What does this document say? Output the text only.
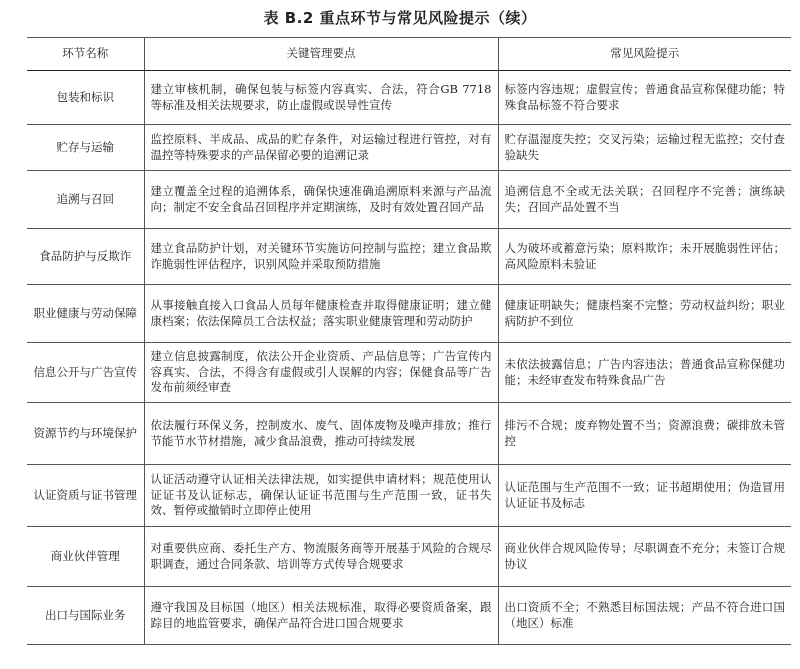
表 B.2 重点环节与常见风险提示（续）
环节名称	关键管理要点	常见风险提示
包装和标识	建立审核机制，确保包装与标签内容真实、合法，符合GB 7718 等标准及相关法规要求，防止虚假或误导性宣传	标签内容违规；虚假宣传；普通食品宣称保健功能；特殊食品标签不符合要求
贮存与运输	监控原料、半成品、成品的贮存条件，对运输过程进行管控，对有温控等特殊要求的产品保留必要的追溯记录	贮存温湿度失控；交叉污染；运输过程无监控；交付查验缺失
追溯与召回	建立覆盖全过程的追溯体系，确保快速准确追溯原料来源与产品流向；制定不安全食品召回程序并定期演练，及时有效处置召回产品	追溯信息不全或无法关联；召回程序不完善；演练缺失；召回产品处置不当
食品防护与反欺诈	建立食品防护计划，对关键环节实施访问控制与监控；建立食品欺诈脆弱性评估程序，识别风险并采取预防措施	人为破坏或蓄意污染；原料欺诈；未开展脆弱性评估；高风险原料未验证
职业健康与劳动保障	从事接触直接入口食品人员每年健康检查并取得健康证明；建立健康档案；依法保障员工合法权益；落实职业健康管理和劳动防护	健康证明缺失；健康档案不完整；劳动权益纠纷；职业病防护不到位
信息公开与广告宣传	建立信息披露制度，依法公开企业资质、产品信息等；广告宣传内容真实、合法，不得含有虚假或引人误解的内容；保健食品等广告发布前须经审查	未依法披露信息；广告内容违法；普通食品宣称保健功能；未经审查发布特殊食品广告
资源节约与环境保护	依法履行环保义务，控制废水、废气、固体废物及噪声排放；推行节能节水节材措施，减少食品浪费，推动可持续发展	排污不合规；废弃物处置不当；资源浪费；碳排放未管控
认证资质与证书管理	认证活动遵守认证相关法律法规，如实提供申请材料；规范使用认证证书及认证标志，确保认证证书范围与生产范围一致，证书失效、暂停或撤销时立即停止使用	认证范围与生产范围不一致；证书超期使用；伪造冒用认证证书及标志
商业伙伴管理	对重要供应商、委托生产方、物流服务商等开展基于风险的合规尽职调查，通过合同条款、培训等方式传导合规要求	商业伙伴合规风险传导；尽职调查不充分；未签订合规协议
出口与国际业务	遵守我国及目标国（地区）相关法规标准，取得必要资质备案，跟踪目的地监管要求，确保产品符合进口国合规要求	出口资质不全；不熟悉目标国法规；产品不符合进口国（地区）标准
